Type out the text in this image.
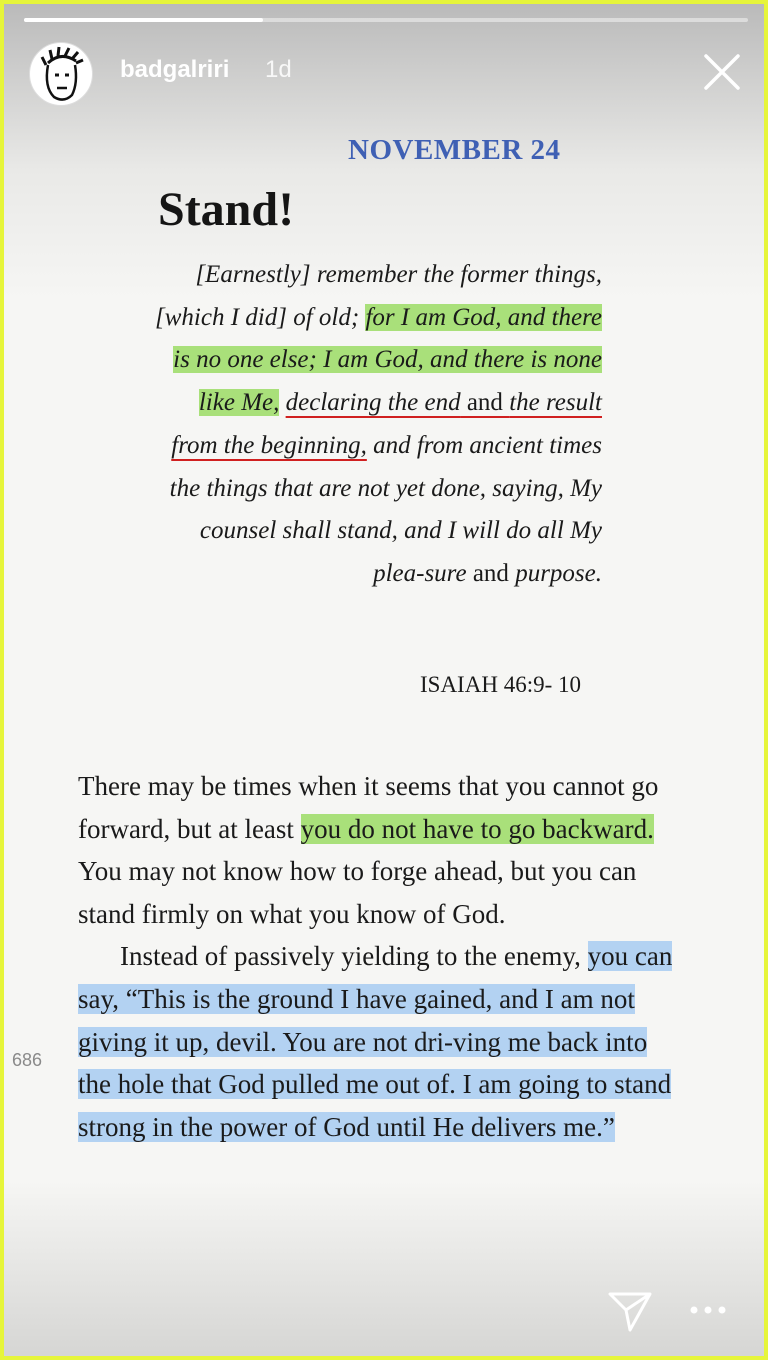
badgalriri 1d
NOVEMBER 24
Stand!
[Earnestly] remember the former things, [which I did] of old; for I am God, and there is no one else; I am God, and there is none like Me, declaring the end and the result from the beginning, and from ancient times the things that are not yet done, saying, My counsel shall stand, and I will do all My plea-sure and purpose.
ISAIAH 46:9- 10

There may be times when it seems that you cannot go forward, but at least you do not have to go backward. You may not know how to forge ahead, but you can stand firmly on what you know of God.

Instead of passively yielding to the enemy, you can say, “This is the ground I have gained, and I am not giving it up, devil. You are not dri-ving me back into the hole that God pulled me out of. I am going to stand strong in the power of God until He delivers me.”

686
